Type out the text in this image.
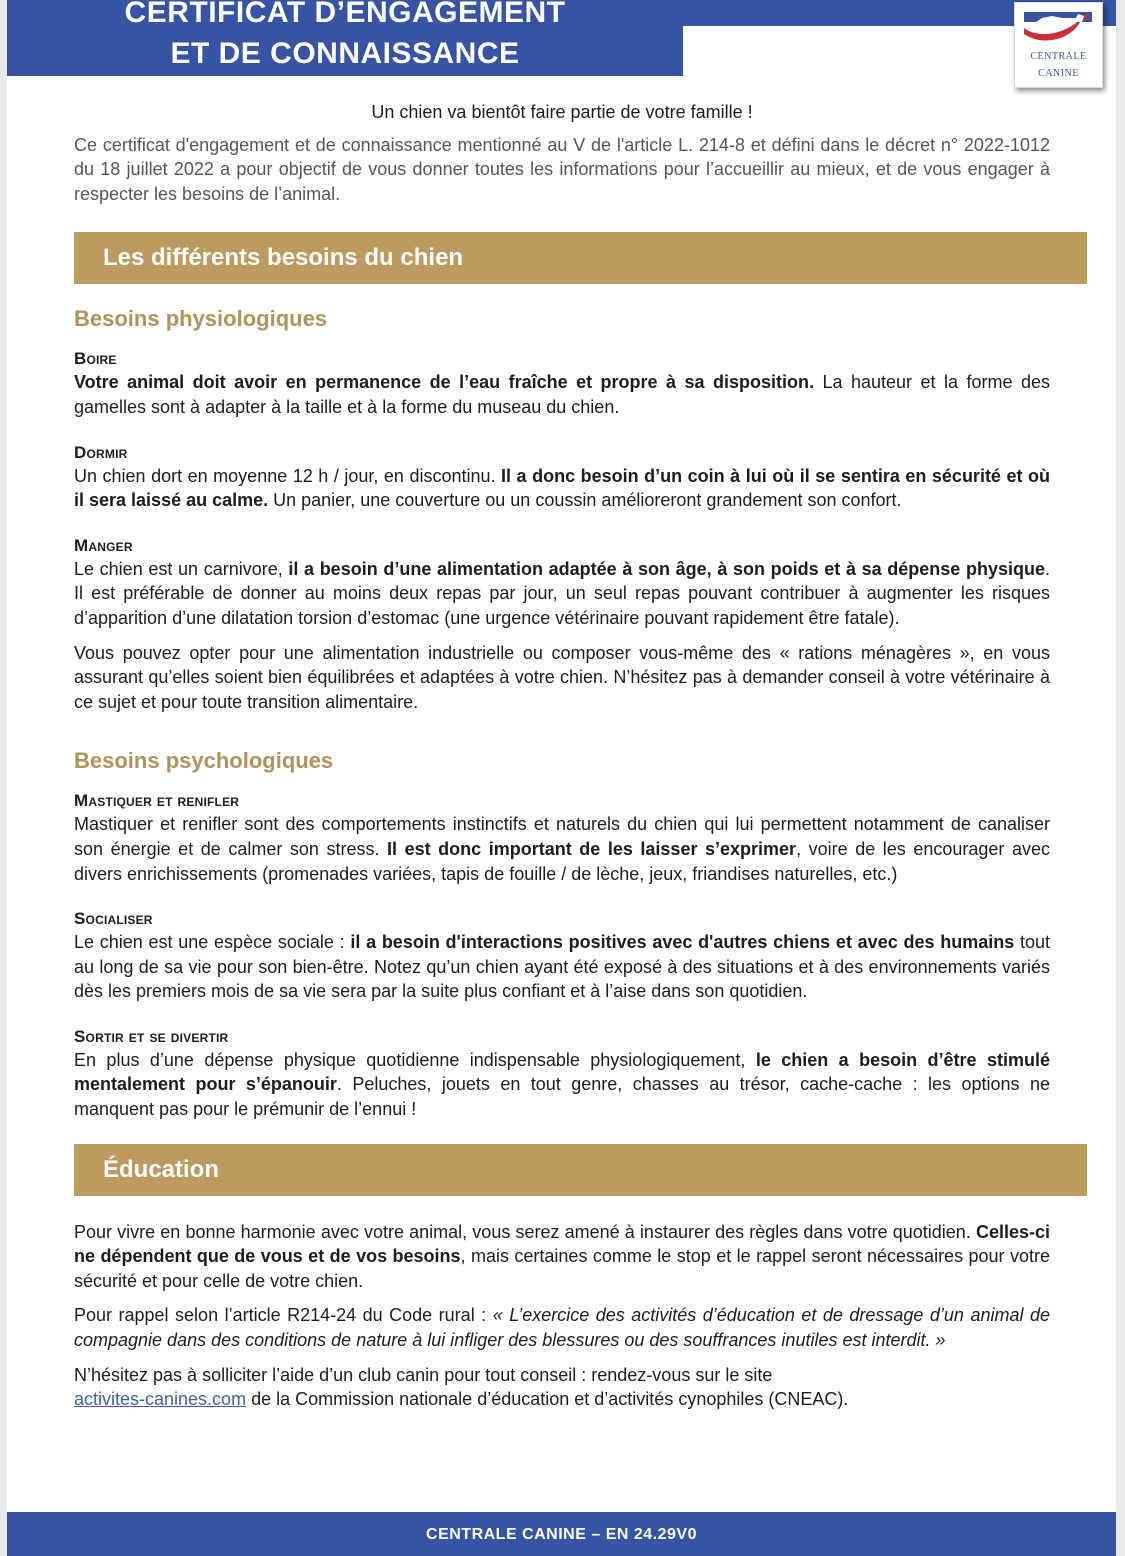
CERTIFICAT D’ENGAGEMENT
ET DE CONNAISSANCE	centrale
canine

Un chien va bientôt faire partie de votre famille !

Ce certificat d'engagement et de connaissance mentionné au V de l'article L. 214-8 et défini dans le décret n° 2022-1012 du 18 juillet 2022 a pour objectif de vous donner toutes les informations pour l’accueillir au mieux, et de vous engager à respecter les besoins de l’animal.

Les différents besoins du chien
Besoins physiologiques
Boire

Votre animal doit avoir en permanence de l’eau fraîche et propre à sa disposition. La hauteur et la forme des gamelles sont à adapter à la taille et à la forme du museau du chien.

Dormir

Un chien dort en moyenne 12 h / jour, en discontinu. Il a donc besoin d’un coin à lui où il se sentira en sécurité et où il sera laissé au calme. Un panier, une couverture ou un coussin amélioreront grandement son confort.

Manger

Le chien est un carnivore, il a besoin d’une alimentation adaptée à son âge, à son poids et à sa dépense physique. Il est préférable de donner au moins deux repas par jour, un seul repas pouvant contribuer à augmenter les risques d’apparition d’une dilatation torsion d’estomac (une urgence vétérinaire pouvant rapidement être fatale).

Vous pouvez opter pour une alimentation industrielle ou composer vous-même des « rations ménagères », en vous assurant qu’elles soient bien équilibrées et adaptées à votre chien. N’hésitez pas à demander conseil à votre vétérinaire à ce sujet et pour toute transition alimentaire.

Besoins psychologiques
Mastiquer et renifler

Mastiquer et renifler sont des comportements instinctifs et naturels du chien qui lui permettent notamment de canaliser son énergie et de calmer son stress. Il est donc important de les laisser s’exprimer, voire de les encourager avec divers enrichissements (promenades variées, tapis de fouille / de lèche, jeux, friandises naturelles, etc.)

Socialiser

Le chien est une espèce sociale : il a besoin d'interactions positives avec d'autres chiens et avec des humains tout au long de sa vie pour son bien-être. Notez qu’un chien ayant été exposé à des situations et à des environnements variés dès les premiers mois de sa vie sera par la suite plus confiant et à l’aise dans son quotidien.

Sortir et se divertir

En plus d’une dépense physique quotidienne indispensable physiologiquement, le chien a besoin d’être stimulé mentalement pour s’épanouir. Peluches, jouets en tout genre, chasses au trésor, cache-cache : les options ne manquent pas pour le prémunir de l’ennui !

Éducation

Pour vivre en bonne harmonie avec votre animal, vous serez amené à instaurer des règles dans votre quotidien. Celles-ci ne dépendent que de vous et de vos besoins, mais certaines comme le stop et le rappel seront nécessaires pour votre sécurité et pour celle de votre chien.

Pour rappel selon l’article R214-24 du Code rural : « L’exercice des activités d’éducation et de dressage d’un animal de compagnie dans des conditions de nature à lui infliger des blessures ou des souffrances inutiles est interdit. »

N’hésitez pas à solliciter l’aide d’un club canin pour tout conseil : rendez-vous sur le site
activites-canines.com de la Commission nationale d’éducation et d’activités cynophiles (CNEAC).

CENTRALE CANINE – EN 24.29V0
